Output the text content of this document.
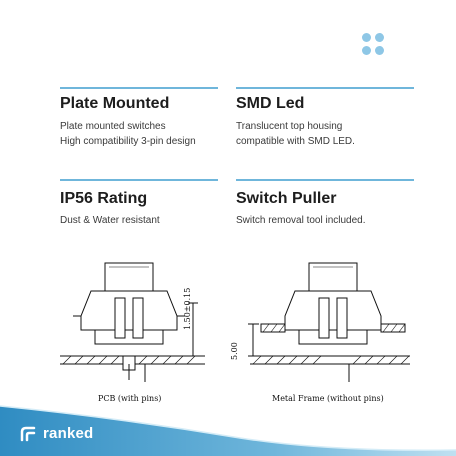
Plate Mounted
Plate mounted switches
High compatibility 3-pin design
SMD Led
Translucent top housing
compatible with SMD LED.
IP56 Rating
Dust & Water resistant
Switch Puller
Switch removal tool included.
1.50±0.15
PCB (with pins)
5.00
Metal Frame (without pins)
ranked
